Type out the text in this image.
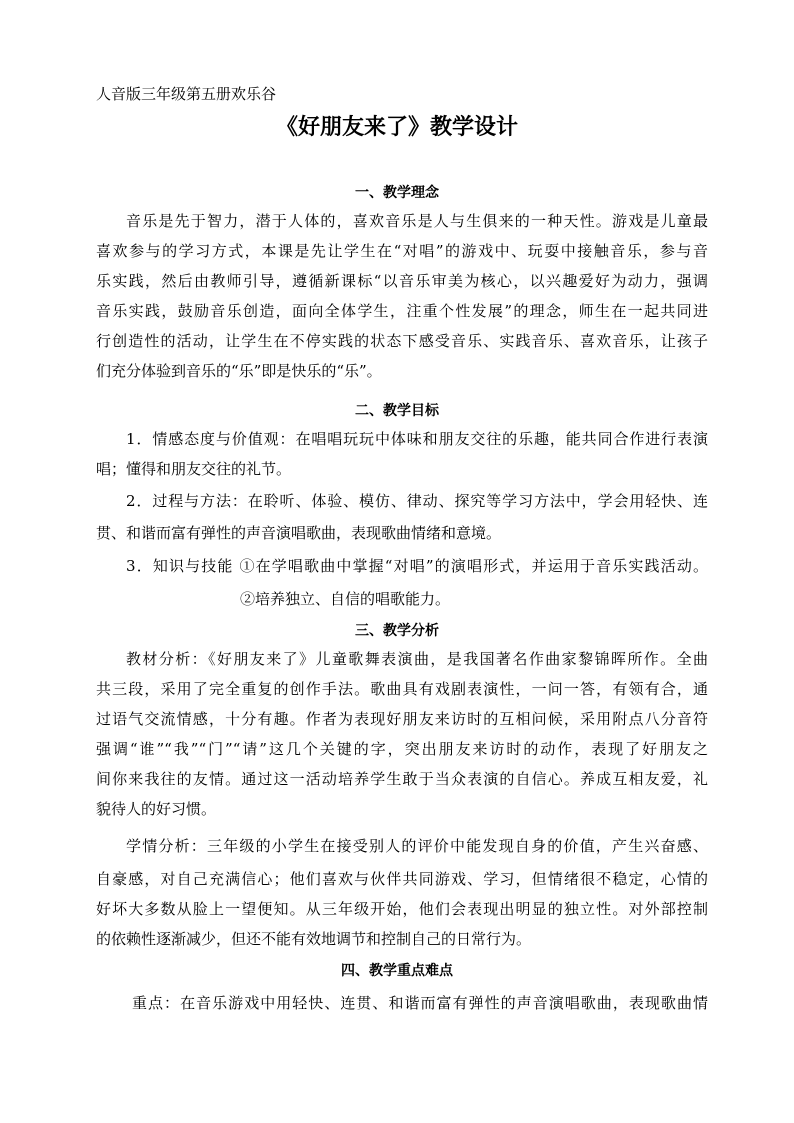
人音版三年级第五册欢乐谷
《好朋友来了》教学设计
一、教学理念
音乐是先于智力，潜于人体的，喜欢音乐是人与生俱来的一种天性。游戏是儿童最
喜欢参与的学习方式，本课是先让学生在“对唱”的游戏中、玩耍中接触音乐，参与音
乐实践，然后由教师引导，遵循新课标“以音乐审美为核心，以兴趣爱好为动力，强调
音乐实践，鼓励音乐创造，面向全体学生，注重个性发展”的理念，师生在一起共同进
行创造性的活动，让学生在不停实践的状态下感受音乐、实践音乐、喜欢音乐，让孩子
们充分体验到音乐的“乐”即是快乐的“乐”。
二、教学目标
1．情感态度与价值观：在唱唱玩玩中体味和朋友交往的乐趣，能共同合作进行表演
唱；懂得和朋友交往的礼节。
2．过程与方法：在聆听、体验、模仿、律动、探究等学习方法中，学会用轻快、连
贯、和谐而富有弹性的声音演唱歌曲，表现歌曲情绪和意境。
3．知识与技能 ①在学唱歌曲中掌握“对唱”的演唱形式，并运用于音乐实践活动。
②培养独立、自信的唱歌能力。
三、教学分析
教材分析：《好朋友来了》儿童歌舞表演曲，是我国著名作曲家黎锦晖所作。全曲
共三段，采用了完全重复的创作手法。歌曲具有戏剧表演性，一问一答，有领有合，通
过语气交流情感，十分有趣。作者为表现好朋友来访时的互相问候，采用附点八分音符
强调“谁”“我”“门”“请”这几个关键的字，突出朋友来访时的动作，表现了好朋友之
间你来我往的友情。通过这一活动培养学生敢于当众表演的自信心。养成互相友爱，礼
貌待人的好习惯。
学情分析：三年级的小学生在接受别人的评价中能发现自身的价值，产生兴奋感、
自豪感，对自己充满信心；他们喜欢与伙伴共同游戏、学习，但情绪很不稳定，心情的
好坏大多数从脸上一望便知。从三年级开始，他们会表现出明显的独立性。对外部控制
的依赖性逐渐减少，但还不能有效地调节和控制自己的日常行为。
四、教学重点难点
重点：在音乐游戏中用轻快、连贯、和谐而富有弹性的声音演唱歌曲，表现歌曲情
